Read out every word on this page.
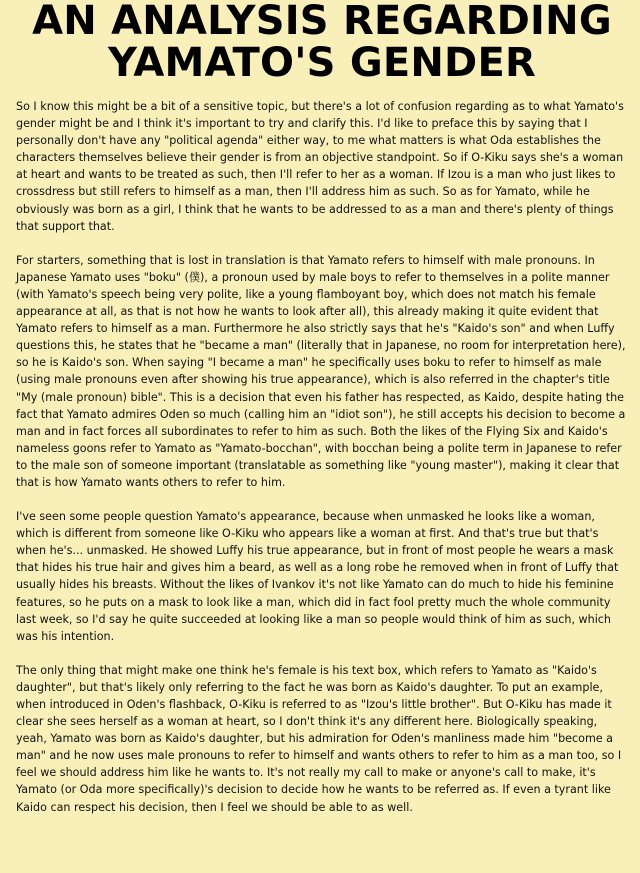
AN ANALYSIS REGARDING
YAMATO'S GENDER

So I know this might be a bit of a sensitive topic, but there's a lot of confusion regarding as to what Yamato's gender might be and I think it's important to try and clarify this. I'd like to preface this by saying that I personally don't have any "political agenda" either way, to me what matters is what Oda establishes the characters themselves believe their gender is from an objective standpoint. So if O-Kiku says she's a woman at heart and wants to be treated as such, then I'll refer to her as a woman. If Izou is a man who just likes to crossdress but still refers to himself as a man, then I'll address him as such. So as for Yamato, while he obviously was born as a girl, I think that he wants to be addressed to as a man and there's plenty of things that support that.

For starters, something that is lost in translation is that Yamato refers to himself with male pronouns. In Japanese Yamato uses "boku" (僕), a pronoun used by male boys to refer to themselves in a polite manner (with Yamato's speech being very polite, like a young flamboyant boy, which does not match his female appearance at all, as that is not how he wants to look after all), this already making it quite evident that Yamato refers to himself as a man. Furthermore he also strictly says that he's "Kaido's son" and when Luffy questions this, he states that he "became a man" (literally that in Japanese, no room for interpretation here), so he is Kaido's son. When saying "I became a man" he specifically uses boku to refer to himself as male (using male pronouns even after showing his true appearance), which is also referred in the chapter's title "My (male pronoun) bible". This is a decision that even his father has respected, as Kaido, despite hating the fact that Yamato admires Oden so much (calling him an "idiot son"), he still accepts his decision to become a man and in fact forces all subordinates to refer to him as such. Both the likes of the Flying Six and Kaido's nameless goons refer to Yamato as "Yamato-bocchan", with bocchan being a polite term in Japanese to refer to the male son of someone important (translatable as something like "young master"), making it clear that that is how Yamato wants others to refer to him.

I've seen some people question Yamato's appearance, because when unmasked he looks like a woman, which is different from someone like O-Kiku who appears like a woman at first. And that's true but that's when he's... unmasked. He showed Luffy his true appearance, but in front of most people he wears a mask that hides his true hair and gives him a beard, as well as a long robe he removed when in front of Luffy that usually hides his breasts. Without the likes of Ivankov it's not like Yamato can do much to hide his feminine features, so he puts on a mask to look like a man, which did in fact fool pretty much the whole community last week, so I'd say he quite succeeded at looking like a man so people would think of him as such, which was his intention.

The only thing that might make one think he's female is his text box, which refers to Yamato as "Kaido's daughter", but that's likely only referring to the fact he was born as Kaido's daughter. To put an example, when introduced in Oden's flashback, O-Kiku is referred to as "Izou's little brother". But O-Kiku has made it clear she sees herself as a woman at heart, so I don't think it's any different here. Biologically speaking, yeah, Yamato was born as Kaido's daughter, but his admiration for Oden's manliness made him "become a man" and he now uses male pronouns to refer to himself and wants others to refer to him as a man too, so I feel we should address him like he wants to. It's not really my call to make or anyone's call to make, it's Yamato (or Oda more specifically)'s decision to decide how he wants to be referred as. If even a tyrant like Kaido can respect his decision, then I feel we should be able to as well.
